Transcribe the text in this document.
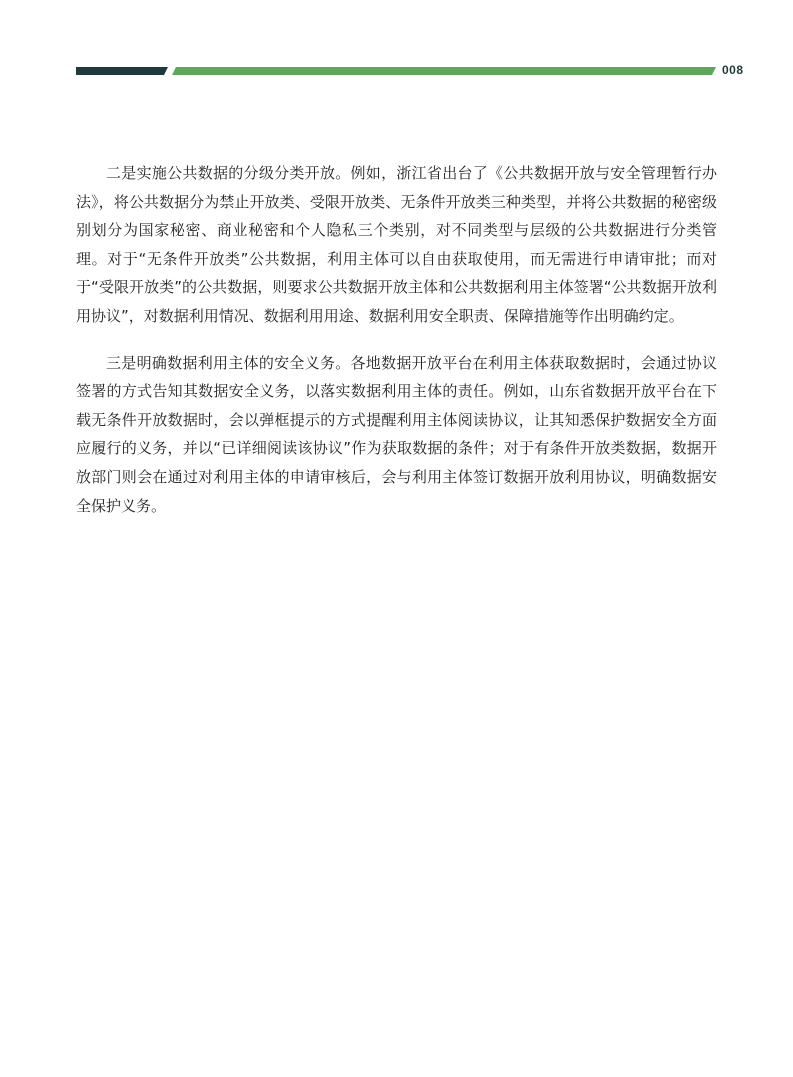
008

二是实施公共数据的分级分类开放。例如，浙江省出台了《公共数据开放与安全管理暂行办法》，将公共数据分为禁止开放类、受限开放类、无条件开放类三种类型，并将公共数据的秘密级别划分为国家秘密、商业秘密和个人隐私三个类别，对不同类型与层级的公共数据进行分类管理。对于“无条件开放类”公共数据，利用主体可以自由获取使用，而无需进行申请审批；而对于“受限开放类”的公共数据，则要求公共数据开放主体和公共数据利用主体签署“公共数据开放利用协议”，对数据利用情况、数据利用用途、数据利用安全职责、保障措施等作出明确约定。

三是明确数据利用主体的安全义务。各地数据开放平台在利用主体获取数据时，会通过协议签署的方式告知其数据安全义务，以落实数据利用主体的责任。例如，山东省数据开放平台在下载无条件开放数据时，会以弹框提示的方式提醒利用主体阅读协议，让其知悉保护数据安全方面应履行的义务，并以“已详细阅读该协议”作为获取数据的条件；对于有条件开放类数据，数据开放部门则会在通过对利用主体的申请审核后，会与利用主体签订数据开放利用协议，明确数据安全保护义务。
